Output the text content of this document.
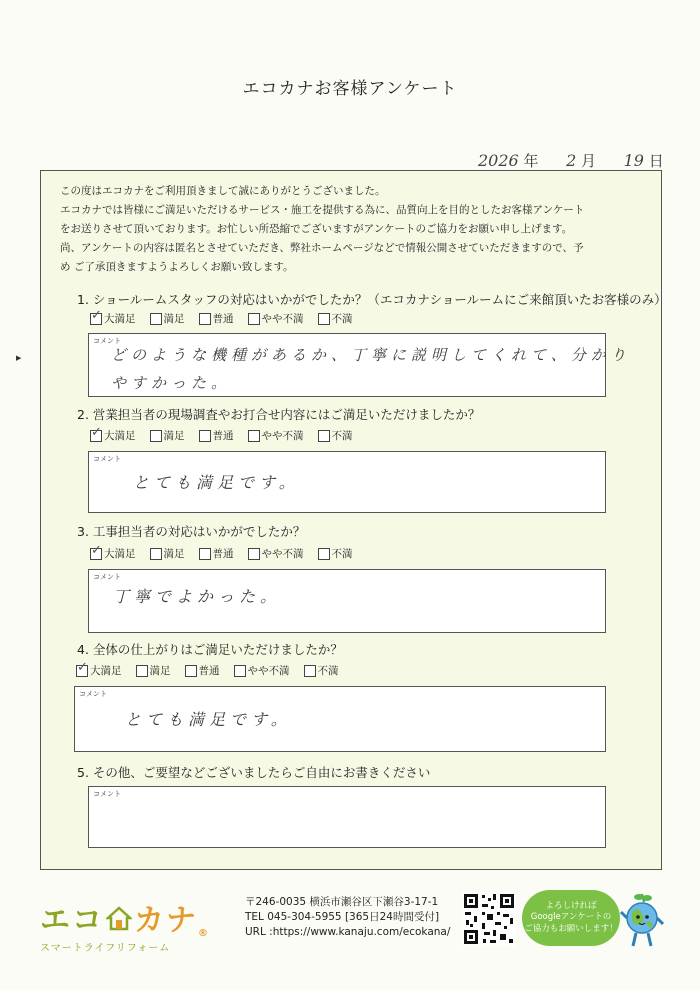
エコカナお客様アンケート
2026 年 2 月 19 日
この度はエコカナをご利用頂きまして誠にありがとうございました。
エコカナでは皆様にご満足いただけるサービス・施工を提供する為に、品質向上を目的としたお客様アンケート
をお送りさせて頂いております。お忙しい所恐縮でございますがアンケートのご協力をお願い申し上げます。
尚、アンケートの内容は匿名とさせていただき、弊社ホームページなどで情報公開させていただきますので、予
め ご了承頂きますようよろしくお願い致します。
▶
1. ショールームスタッフの対応はいかがでしたか？（エコカナショールームにご来館頂いたお客様のみ）
✓
大満足	満足	普通	やや不満	不満
コメント
どのような機種があるか、丁寧に説明してくれて、分かり
やすかった。
2. 営業担当者の現場調査やお打合せ内容にはご満足いただけましたか？
✓
大満足	満足	普通	やや不満	不満
コメント
とても満足です。
3. 工事担当者の対応はいかがでしたか？
✓
大満足	満足	普通	やや不満	不満
コメント
丁寧でよかった。
4. 全体の仕上がりはご満足いただけましたか？
✓
大満足	満足	普通	やや不満	不満
コメント
とても満足です。
5. その他、ご要望などございましたらご自由にお書きください
コメント
エコ カナ®
スマートライフリフォーム
〒246-0035 横浜市瀬谷区下瀬谷3-17-1
TEL 045-304-5955 [365日24時間受付]
URL :https://www.kanaju.com/ecokana/
よろしければ
Googleアンケートの
ご協力もお願いします！
